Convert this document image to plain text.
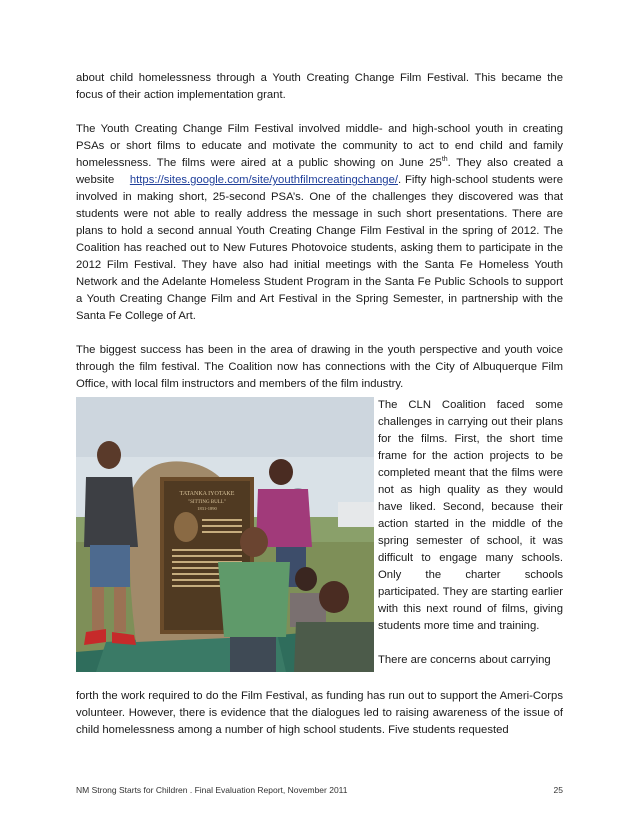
about child homelessness through a Youth Creating Change Film Festival. This became the focus of their action implementation grant.

The Youth Creating Change Film Festival involved middle- and high-school youth in creating PSAs or short films to educate and motivate the community to act to end child and family homelessness. The films were aired at a public showing on June 25th. They also created a website https://sites.google.com/site/youthfilmcreatingchange/. Fifty high-school students were involved in making short, 25-second PSA’s. One of the challenges they discovered was that students were not able to really address the message in such short presentations. There are plans to hold a second annual Youth Creating Change Film Festival in the spring of 2012. The Coalition has reached out to New Futures Photovoice students, asking them to participate in the 2012 Film Festival. They have also had initial meetings with the Santa Fe Homeless Youth Network and the Adelante Homeless Student Program in the Santa Fe Public Schools to support a Youth Creating Change Film and Art Festival in the Spring Semester, in partnership with the Santa Fe College of Art.

The biggest success has been in the area of drawing in the youth perspective and youth voice through the film festival. The Coalition now has connections with the City of Albuquerque Film Office, with local film instructors and members of the film industry.

TATANKA IYOTAKE
"SITTING BULL"
1831-1890

The CLN Coalition faced some challenges in carrying out their plans for the films. First, the short time frame for the action projects to be completed meant that the films were not as high quality as they would have liked. Second, because their action started in the middle of the spring semester of school, it was difficult to engage many schools. Only the charter schools participated. They are starting earlier with this next round of films, giving students more time and training.

There are concerns about carrying

forth the work required to do the Film Festival, as funding has run out to support the Ameri-Corps volunteer. However, there is evidence that the dialogues led to raising awareness of the issue of child homelessness among a number of high school students. Five students requested

NM Strong Starts for Children . Final Evaluation Report, November 2011	25
